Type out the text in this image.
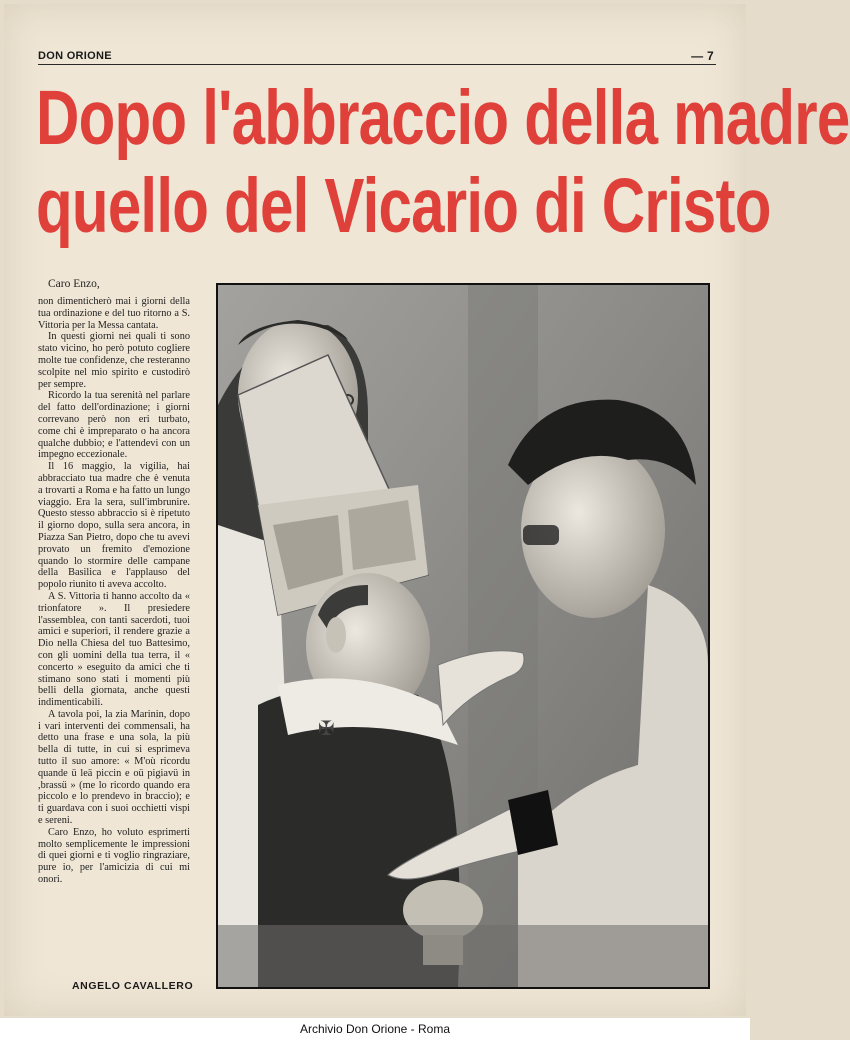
DON ORIONE	— 7
Dopo l'abbraccio della madre
quello del Vicario di Cristo
Caro Enzo,

non dimenticherò mai i giorni della tua ordinazione e del tuo ritorno a S. Vittoria per la Messa cantata.

In questi giorni nei quali ti sono stato vicino, ho però potuto cogliere molte tue confidenze, che resteranno scolpite nel mio spirito e custodirò per sempre.

Ricordo la tua serenità nel parlare del fatto dell'ordinazione; i giorni correvano però non eri turbato, come chi è impreparato o ha ancora qualche dubbio; e l'attendevi con un impegno eccezionale.

Il 16 maggio, la vigilia, hai abbracciato tua madre che è venuta a trovarti a Roma e ha fatto un lungo viaggio. Era la sera, sull'imbrunire. Questo stesso abbraccio si è ripetuto il giorno dopo, sulla sera ancora, in Piazza San Pietro, dopo che tu avevi provato un fremito d'emozione quando lo stormire delle campane della Basilica e l'applauso del popolo riunito ti aveva accolto.

A S. Vittoria ti hanno accolto da « trionfatore ». Il presiedere l'assemblea, con tanti sacerdoti, tuoi amici e superiori, il rendere grazie a Dio nella Chiesa del tuo Battesimo, con gli uomini della tua terra, il « concerto » eseguito da amici che ti stimano sono stati i momenti più belli della giornata, anche questi indimenticabili.

A tavola poi, la zia Marinin, dopo i vari interventi dei commensali, ha detto una frase e una sola, la più bella di tutte, in cui si esprimeva tutto il suo amore: « M'où ricordu quande ü leä piccin e oü pigiavü in ,brassü » (me lo ricordo quando era piccolo e lo prendevo in braccio); e ti guardava con i suoi occhietti vispi e sereni.

Caro Enzo, ho voluto esprimerti molto semplicemente le impressioni di quei giorni e ti voglio ringraziare, pure io, per l'amicizia di cui mi onori.

ANGELO CAVALLERO
✠
Archivio Don Orione - Roma
